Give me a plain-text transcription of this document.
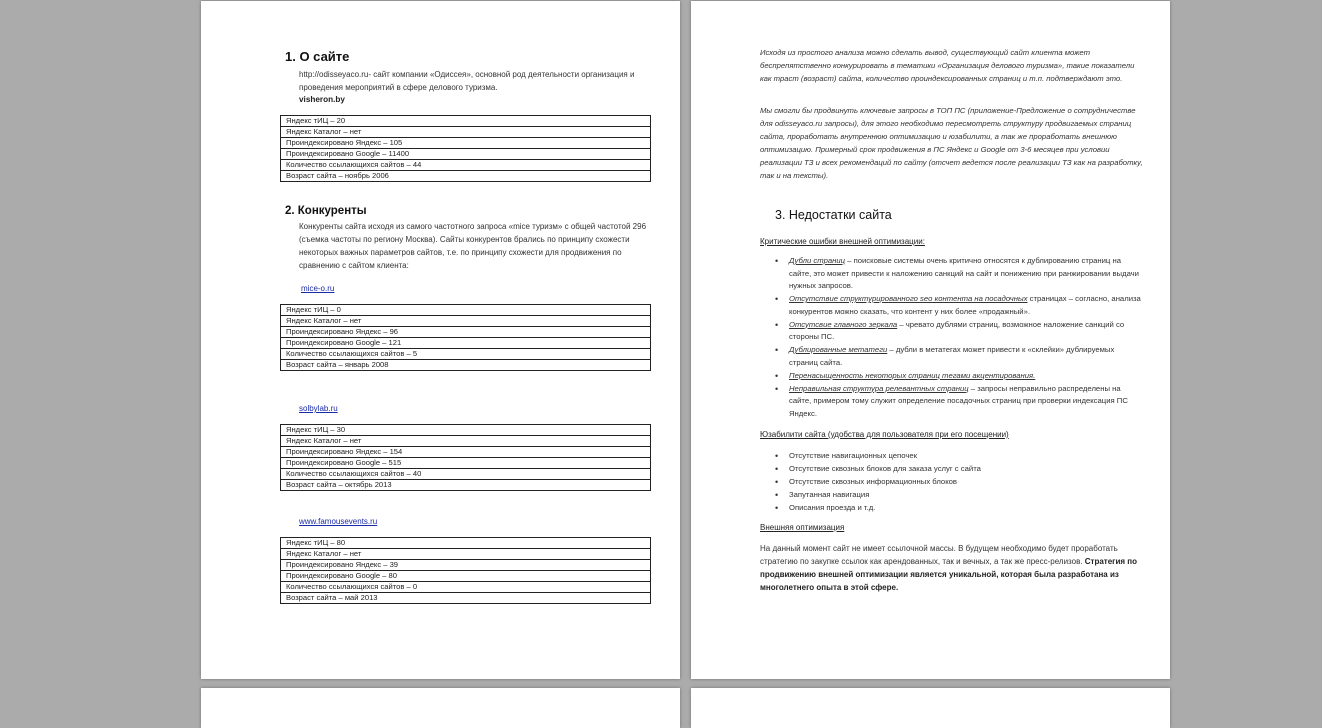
1. О сайте

http://odisseyaco.ru- сайт компании «Одиссея», основной род деятельности организация и проведения мероприятий в сфере делового туризма.

visheron.by
Яндекс тИЦ – 20
Яндекс Каталог – нет
Проиндексировано Яндекс – 105
Проиндексировано Google – 11400
Количество ссылающихся сайтов – 44
Возраст сайта – ноябрь 2006
2. Конкуренты

Конкуренты сайта исходя из самого частотного запроса «mice туризм» с общей частотой 296 (съемка частоты по региону Москва). Сайты конкурентов брались по принципу схожести некоторых важных параметров сайтов, т.е. по принципу схожести для продвижения по сравнению с сайтом клиента:

mice-o.ru
Яндекс тИЦ – 0
Яндекс Каталог – нет
Проиндексировано Яндекс – 96
Проиндексировано Google – 121
Количество ссылающихся сайтов – 5
Возраст сайта – январь 2008
solbylab.ru
Яндекс тИЦ – 30
Яндекс Каталог – нет
Проиндексировано Яндекс – 154
Проиндексировано Google – 515
Количество ссылающихся сайтов – 40
Возраст сайта – октябрь 2013
www.famousevents.ru
Яндекс тИЦ – 80
Яндекс Каталог – нет
Проиндексировано Яндекс – 39
Проиндексировано Google – 80
Количество ссылающихся сайтов – 0
Возраст сайта – май 2013

Исходя из простого анализа можно сделать вывод, существующий сайт клиента может беспрепятственно конкурировать в тематики «Организация делового туризма», такие показатели как траст (возраст) сайта, количество проиндексированных страниц и т.п. подтверждают это.

Мы смогли бы продвинуть ключевые запросы в ТОП ПС (приложение-Предложение о сотрудничестве для odisseyaco.ru запросы), для этого необходимо пересмотреть структуру продвигаемых страниц сайта, проработать внутреннюю оптимизацию и юзабилити, а так же проработать внешнюю оптимизацию. Примерный срок продвижения в ПС Яндекс и Google от 3-6 месяцев при условии реализации ТЗ и всех рекомендаций по сайту (отсчет ведется после реализации ТЗ как на разработку, так и на тексты).

3. Недостатки сайта
Критические ошибки внешней оптимизации:
• Дубли страниц – поисковые системы очень критично относятся к дублированию страниц на сайте, это может привести к наложению санкций на сайт и понижению при ранжировании выдачи нужных запросов.
• Отсутствие структурированного seo контента на посадочных страницах – согласно, анализа конкурентов можно сказать, что контент у них более «продажный».
• Отсутсвие главного зеркала – чревато дублями страниц, возможное наложение санкций со стороны ПС.
• Дублированные метатеги – дубли в метатегах может привести к «склейки» дублируемых страниц сайта.
• Перенасыщенность некоторых страниц тегами акцентирования.
• Неправильная структура релевантных страниц – запросы неправильно распределены на сайте, примером тому служит определение посадочных страниц при проверки индексация ПС Яндекс.
Юзабилити сайта (удобства для пользователя при его посещении)
• Отсутствие навигационных цепочек
• Отсутствие сквозных блоков для заказа услуг с сайта
• Отсутствие сквозных информационных блоков
• Запутанная навигация
• Описания проезда и т.д.
Внешняя оптимизация

На данный момент сайт не имеет ссылочной массы. В будущем необходимо будет проработать стратегию по закупке ссылок как арендованных, так и вечных, а так же пресс-релизов. Стратегия по продвижению внешней оптимизации является уникальной, которая была разработана из многолетнего опыта в этой сфере.
